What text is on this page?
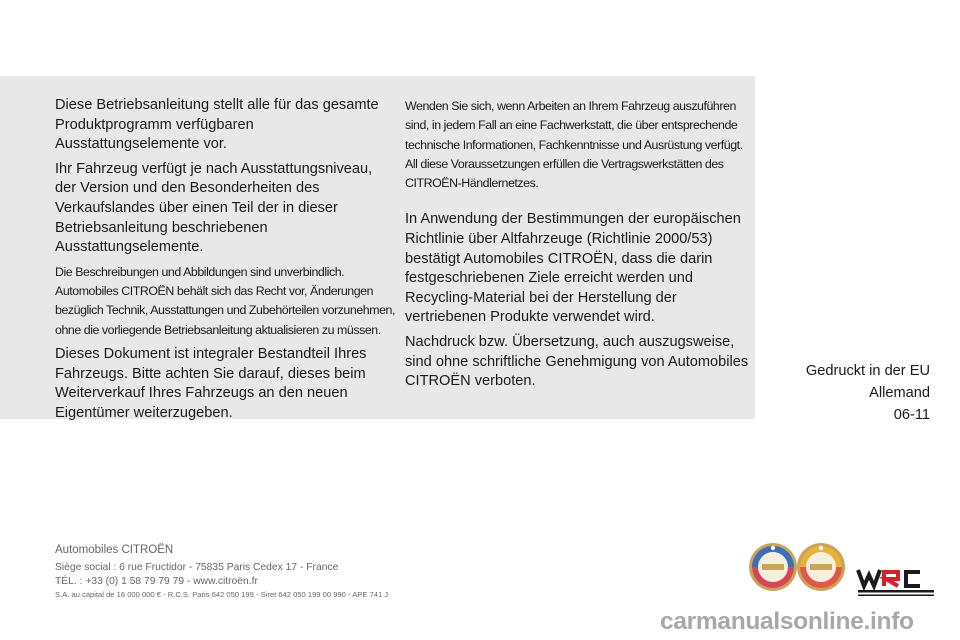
Diese Betriebsanleitung stellt alle für das gesamte Produktprogramm verfügbaren Ausstattungselemente vor.

Ihr Fahrzeug verfügt je nach Ausstattungsniveau, der Version und den Besonderheiten des Verkaufslandes über einen Teil der in dieser Betriebsanleitung beschriebenen Ausstattungselemente.

Die Beschreibungen und Abbildungen sind unverbindlich. Automobiles CITROËN behält sich das Recht vor, Änderungen bezüglich Technik, Ausstattungen und Zubehörteilen vorzunehmen, ohne die vorliegende Betriebsanleitung aktualisieren zu müssen.

Dieses Dokument ist integraler Bestandteil Ihres Fahrzeugs. Bitte achten Sie darauf, dieses beim Weiterverkauf Ihres Fahrzeugs an den neuen Eigentümer weiterzugeben.

Wenden Sie sich, wenn Arbeiten an Ihrem Fahrzeug auszuführen sind, in jedem Fall an eine Fachwerkstatt, die über entsprechende technische Informationen, Fachkenntnisse und Ausrüstung verfügt. All diese Voraussetzungen erfüllen die Vertragswerkstätten des CITROËN-Händlernetzes.

In Anwendung der Bestimmungen der europäischen Richtlinie über Altfahrzeuge (Richtlinie 2000/53) bestätigt Automobiles CITROËN, dass die darin festgeschriebenen Ziele erreicht werden und Recycling-Material bei der Herstellung der vertriebenen Produkte verwendet wird.

Nachdruck bzw. Übersetzung, auch auszugsweise, sind ohne schriftliche Genehmigung von Automobiles CITROËN verboten.

Gedruckt in der EU
Allemand
06-11
Automobiles CITROËN
Siège social : 6 rue Fructidor - 75835 Paris Cedex 17 - France
TÉL. : +33 (0) 1 58 79 79 79 - www.citroën.fr
S.A. au capital de 16 000 000 € - R.C.S. Paris 642 050 199 - Siret 642 050 199 00 990 - APE 741 J
carmanualsonline.info
